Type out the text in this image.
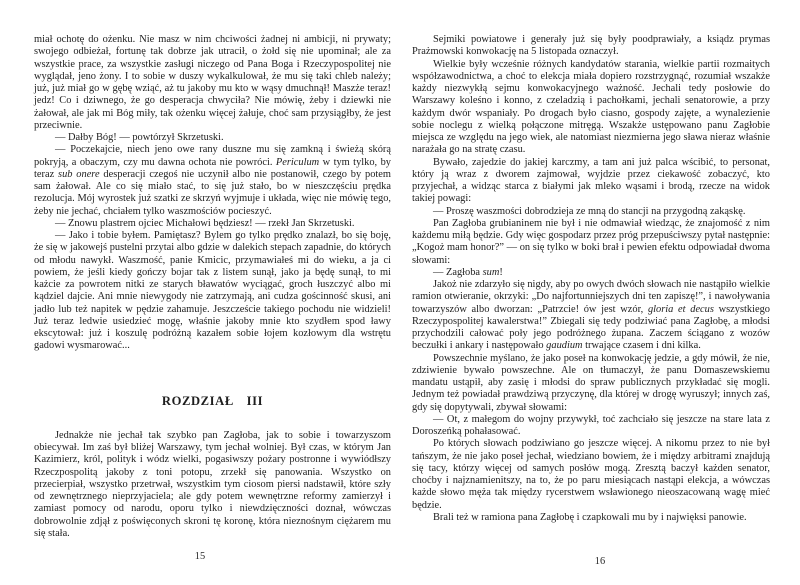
miał ochotę do ożenku. Nie masz w nim chciwości żadnej ni ambicji, ni prywaty; swojego odbieżał, fortunę tak dobrze jak utracił, o żołd się nie upominał; ale za wszystkie prace, za wszystkie zasługi niczego od Pana Boga i Rzeczypospolitej nie wyglądał, jeno żony. I to sobie w duszy wykalkulował, że mu się taki chleb należy; już, już miał go w gębę wziąć, aż tu jakoby mu kto w wąsy dmuchnął! Maszże teraz! jedz! Co i dziwnego, że go desperacja chwyciła? Nie mówię, żeby i dziewki nie żałował, ale jak mi Bóg miły, tak ożenku więcej żałuje, choć sam przysiągłby, że jest przeciwnie.

— Dałby Bóg! — powtórzył Skrzetuski.

— Poczekajcie, niech jeno owe rany duszne mu się zamkną i świeżą skórą pokryją, a obaczym, czy mu dawna ochota nie powróci. Periculum w tym tylko, by teraz sub onere desperacji czegoś nie uczynił albo nie postanowił, czego by potem sam żałował. Ale co się miało stać, to się już stało, bo w nieszczęściu prędka rezolucja. Mój wyrostek już szatki ze skrzyń wyjmuje i układa, więc nie mówię tego, żeby nie jechać, chciałem tylko waszmościów pocieszyć.

— Znowu plastrem ojciec Michałowi będziesz! — rzekł Jan Skrzetuski.

— Jako i tobie byłem. Pamiętasz? Bylem go tylko prędko znalazł, bo się boję, że się w jakowejś pustelni przytai albo gdzie w dalekich stepach zapadnie, do których od młodu nawykł. Waszmość, panie Kmicic, przymawiałeś mi do wieku, a ja ci powiem, że jeśli kiedy gończy bojar tak z listem sunął, jako ja będę sunął, to mi każcie za powrotem nitki ze starych bławatów wyciągać, groch łuszczyć albo mi kądziel dajcie. Ani mnie niewygody nie zatrzymają, ani cudza gościnność skusi, ani jadło lub też napitek w pędzie zahamuje. Jeszczeście takiego pochodu nie widzieli! Już teraz ledwie usiedzieć mogę, właśnie jakoby mnie kto szydłem spod ławy ekscytował: już i koszulę podróżną kazałem sobie łojem kozłowym dla wstrętu gadowi wysmarować...

ROZDZIAŁ III

Jednakże nie jechał tak szybko pan Zagłoba, jak to sobie i towarzyszom obiecywał. Im zaś był bliżej Warszawy, tym jechał wolniej. Był czas, w którym Jan Kazimierz, król, polityk i wódz wielki, pogasiwszy pożary postronne i wywiódłszy Rzeczpospolitą jakoby z toni potopu, zrzekł się panowania. Wszystko on przecierpiał, wszystko przetrwał, wszystkim tym ciosom piersi nadstawił, które szły od zewnętrznego nieprzyjaciela; ale gdy potem wewnętrzne reformy zamierzył i zamiast pomocy od narodu, oporu tylko i niewdzięczności doznał, wówczas dobrowolnie zdjął z poświęconych skroni tę koronę, która nieznośnym ciężarem mu się stała.

15

Sejmiki powiatowe i generały już się były poodprawiały, a ksiądz prymas Prażmowski konwokację na 5 listopada oznaczył.

Wielkie były wcześnie różnych kandydatów starania, wielkie partii rozmaitych współzawodnictwa, a choć to elekcja miała dopiero rozstrzygnąć, rozumiał wszakże każdy niezwykłą sejmu konwokacyjnego ważność. Jechali tedy posłowie do Warszawy koleśno i konno, z czeladzią i pachołkami, jechali senatorowie, a przy każdym dwór wspaniały. Po drogach było ciasno, gospody zajęte, a wynalezienie sobie noclegu z wielką połączone mitręgą. Wszakże ustępowano panu Zagłobie miejsca ze względu na jego wiek, ale natomiast niezmierna jego sława nieraz właśnie narażała go na stratę czasu.

Bywało, zajedzie do jakiej karczmy, a tam ani już palca wścibić, to personat, który ją wraz z dworem zajmował, wyjdzie przez ciekawość zobaczyć, kto przyjechał, a widząc starca z białymi jak mleko wąsami i brodą, rzecze na widok takiej powagi:

— Proszę waszmości dobrodzieja ze mną do stancji na przygodną zakąskę.

Pan Zagłoba grubianinem nie był i nie odmawiał wiedząc, że znajomość z nim każdemu miłą będzie. Gdy więc gospodarz przez próg przepuściwszy pytał następnie: „Kogoż mam honor?” — on się tylko w boki brał i pewien efektu odpowiadał dwoma słowami:

— Zagłoba sum!

Jakoż nie zdarzyło się nigdy, aby po owych dwóch słowach nie nastąpiło wielkie ramion otwieranie, okrzyki: „Do najfortunniejszych dni ten zapiszę!”, i nawoływania towarzyszów albo dworzan: „Patrzcie! ów jest wzór, gloria et decus wszystkiego Rzeczypospolitej kawalerstwa!” Zbiegali się tedy podziwiać pana Zagłobę, a młodsi przychodzili całować poły jego podróżnego żupana. Zaczem ściągano z wozów beczułki i ankary i następowało gaudium trwające czasem i dni kilka.

Powszechnie myślano, że jako poseł na konwokację jedzie, a gdy mówił, że nie, zdziwienie bywało powszechne. Ale on tłumaczył, że panu Domaszewskiemu mandatu ustąpił, aby zasię i młodsi do spraw publicznych przykładać się mogli. Jednym też powiadał prawdziwą przyczynę, dla której w drogę wyruszył; innych zaś, gdy się dopytywali, zbywał słowami:

— Ot, z małegom do wojny przywykł, toć zachciało się jeszcze na stare lata z Doroszeńką pohałasować.

Po których słowach podziwiano go jeszcze więcej. A nikomu przez to nie był tańszym, że nie jako poseł jechał, wiedziano bowiem, że i między arbitrami znajdują się tacy, którzy więcej od samych posłów mogą. Zresztą baczył każden senator, choćby i najznamienitszy, na to, że po paru miesiącach nastąpi elekcja, a wówczas każde słowo męża tak między rycerstwem wsławionego nieoszacowaną wagę mieć będzie.

Brali też w ramiona pana Zagłobę i czapkowali mu by i najwięksi panowie.

16
